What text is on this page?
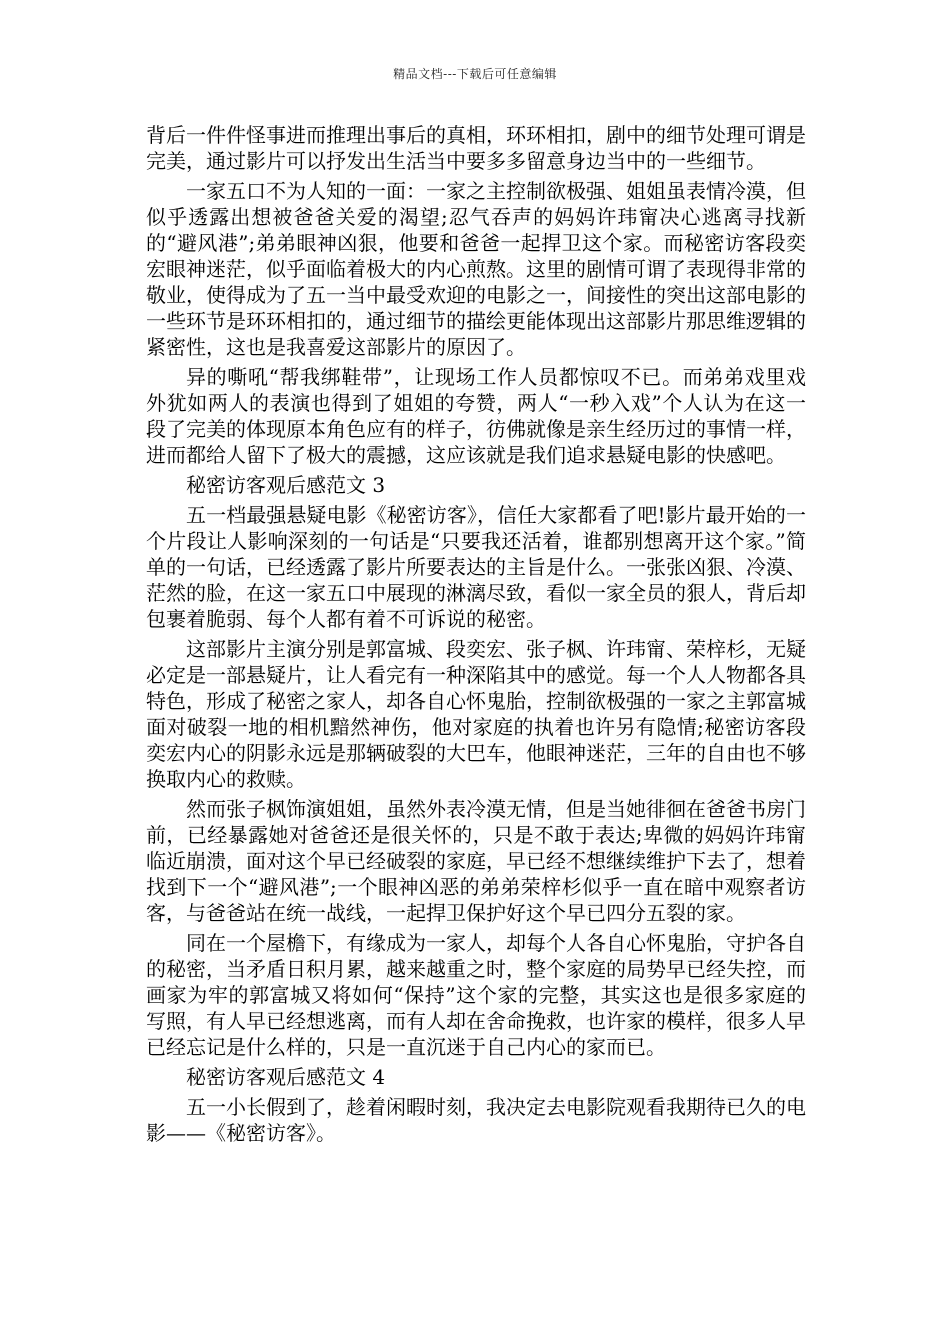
精品文档---下载后可任意编辑

背后一件件怪事进而推理出事后的真相，环环相扣，剧中的细节处理可谓是完美，通过影片可以抒发出生活当中要多多留意身边当中的一些细节。

一家五口不为人知的一面：一家之主控制欲极强、姐姐虽表情冷漠，但似乎透露出想被爸爸关爱的渴望;忍气吞声的妈妈许玮甯决心逃离寻找新的“避风港”;弟弟眼神凶狠，他要和爸爸一起捍卫这个家。而秘密访客段奕宏眼神迷茫，似乎面临着极大的内心煎熬。这里的剧情可谓了表现得非常的敬业，使得成为了五一当中最受欢迎的电影之一，间接性的突出这部电影的一些环节是环环相扣的，通过细节的描绘更能体现出这部影片那思维逻辑的紧密性，这也是我喜爱这部影片的原因了。

异的嘶吼“帮我绑鞋带”，让现场工作人员都惊叹不已。而弟弟戏里戏外犹如两人的表演也得到了姐姐的夸赞，两人“一秒入戏”个人认为在这一段了完美的体现原本角色应有的样子，彷佛就像是亲生经历过的事情一样，进而都给人留下了极大的震撼，这应该就是我们追求悬疑电影的快感吧。

秘密访客观后感范文 3

五一档最强悬疑电影《秘密访客》，信任大家都看了吧!影片最开始的一个片段让人影响深刻的一句话是“只要我还活着，谁都别想离开这个家。”简单的一句话，已经透露了影片所要表达的主旨是什么。一张张凶狠、冷漠、茫然的脸，在这一家五口中展现的淋漓尽致，看似一家全员的狠人，背后却包裹着脆弱、每个人都有着不可诉说的秘密。

这部影片主演分别是郭富城、段奕宏、张子枫、许玮甯、荣梓杉，无疑必定是一部悬疑片，让人看完有一种深陷其中的感觉。每一个人人物都各具特色，形成了秘密之家人，却各自心怀鬼胎，控制欲极强的一家之主郭富城面对破裂一地的相机黯然神伤，他对家庭的执着也许另有隐情;秘密访客段奕宏内心的阴影永远是那辆破裂的大巴车，他眼神迷茫，三年的自由也不够换取内心的救赎。

然而张子枫饰演姐姐，虽然外表冷漠无情，但是当她徘徊在爸爸书房门前，已经暴露她对爸爸还是很关怀的，只是不敢于表达;卑微的妈妈许玮甯临近崩溃，面对这个早已经破裂的家庭，早已经不想继续维护下去了，想着找到下一个“避风港”;一个眼神凶恶的弟弟荣梓杉似乎一直在暗中观察者访客，与爸爸站在统一战线，一起捍卫保护好这个早已四分五裂的家。

同在一个屋檐下，有缘成为一家人，却每个人各自心怀鬼胎，守护各自的秘密，当矛盾日积月累，越来越重之时，整个家庭的局势早已经失控，而画家为牢的郭富城又将如何“保持”这个家的完整，其实这也是很多家庭的写照，有人早已经想逃离，而有人却在舍命挽救，也许家的模样，很多人早已经忘记是什么样的，只是一直沉迷于自己内心的家而已。

秘密访客观后感范文 4

五一小长假到了，趁着闲暇时刻，我决定去电影院观看我期待已久的电影——《秘密访客》。
